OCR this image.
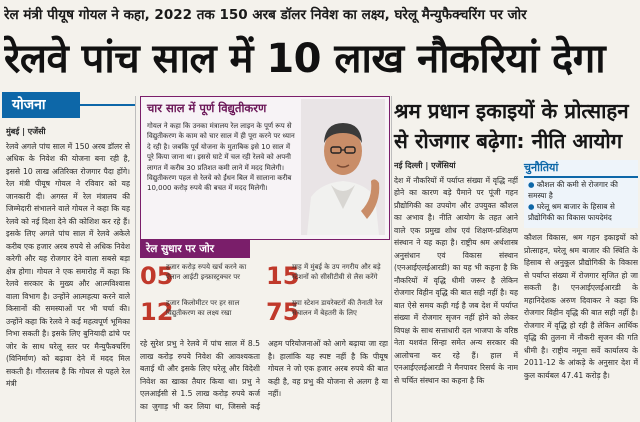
रेल मंत्री पीयूष गोयल ने कहा, 2022 तक 150 अरब डॉलर निवेश का लक्ष्य, घरेलू मैन्युफैक्चरिंग पर जोर
रेलवे पांच साल में 10 लाख नौकरियां देगा
योजना
मुंबई | एजेंसी
रेलवे अगले पांच साल में 150 अरब डॉलर से अधिक के निवेश की योजना बना रही है, इससे 10 लाख अतिरिक्त रोजगार पैदा होंगे। रेल मंत्री पीयूष गोयल ने रविवार को यह जानकारी दी। अगस्त में रेल मंत्रालय की जिम्मेदारी संभालने वाले गोयल ने कहा कि यह रेलवे को नई दिशा देने की कोशिश कर रहे हैं। इसके लिए अगले पांच साल में रेलवे अकेले करीब एक हजार अरब रुपये से अधिक निवेश करेगी और यह रोजगार देने वाला सबसे बड़ा क्षेत्र होगा। गोयल ने एक समारोह में कहा कि रेलवे सरकार के मुख्य और आत्मविश्वास वाला विभाग है। उन्होंने आत्महत्या करने वाले किसानों की समस्याओं पर भी चर्चा की। उन्होंने कहा कि रेलवे ने कई महत्वपूर्ण भूमिका निभा सकती है। इसके लिए बुनियादी ढांचे पर जोर के साथ घरेलू स्तर पर मैन्युफैक्चरिंग (विनिर्माण) को बढ़ावा देने में मदद मिल सकती है। गौरतलब है कि गोयल से पहले रेल मंत्री
चार साल में पूर्ण विद्युतीकरण
गोयल ने कहा कि उनका मंत्रालय रेल लाइन के पूर्ण रूप से विद्युतीकरण के काम को चार साल में ही पूरा करने पर ध्यान दे रही है। जबकि पूर्व योजना के मुताबिक इसे 10 साल में पूरे किया जाना था। इससे घाटे में चल रही रेलवे को अपनी लागत में करीब 30 प्रतिशत कमी लाने में मदद मिलेगी। विद्युतीकरण पहल से रेलवे को ईंधन बिल में सालाना करीब 10,000 करोड़ रुपये की बचत में मदद मिलेगी।
रेल सुधार पर जोर
05
हजार करोड़ रुपये खर्च करने का ऐलान आईटी इन्फ्रास्ट्रक्चर पर	15
माह में मुंबई के उप नगरीय और बड़े स्टेशनों को सीसीटीवी से लैस करेंगे
12
हजार किलोमीटर पर हर साल विद्युतीकरण का लक्ष्य रखा	75
युवा स्टेशन डायरेक्टरों की तैनाती रेल संचालन में बेहतरी के लिए
रहे सुरेश प्रभु ने रेलवे में पांच साल में 8.5 लाख करोड़ रुपये निवेश की आवश्यकता बताई थी और इसके लिए घरेलू और विदेशी निवेश का खाका तैयार किया था। प्रभु ने एलआईसी से 1.5 लाख करोड़ रुपये कर्ज का जुगाड़ भी कर लिया था, जिससे कई अहम परियोजनाओं को आगे बढ़ाया जा रहा है। हालांकि यह स्पष्ट नहीं है कि पीयूष गोयल ने जो एक हजार अरब रुपये की बात कही है, वह प्रभु की योजना से अलग है या नहीं।
श्रम प्रधान इकाइयों के प्रोत्साहन से रोजगार बढ़ेगा: नीति आयोग
नई दिल्ली | एजेंसियां
देश में नौकरियों में पर्याप्त संख्या में वृद्धि नहीं होने का कारण बड़े पैमाने पर पूंजी गहन प्रौद्योगिकी का उपयोग और उपयुक्त कौशल का अभाव है। नीति आयोग के तहत आने वाले एक प्रमुख शोध एवं शिक्षण-प्रशिक्षण संस्थान ने यह कहा है। राष्ट्रीय श्रम अर्थशास्त्र अनुसंधान एवं विकास संस्थान (एनआईएलईआरडी) का यह भी कहना है कि नौकरियों में वृद्धि धीमी जरूर है लेकिन रोजगार विहीन वृद्धि की बात सही नहीं है। यह बात ऐसे समय कही गई है जब देश में पर्याप्त संख्या में रोजगार सृजन नहीं होने को लेकर विपक्ष के साथ सत्ताधारी दल भाजपा के वरिष्ठ नेता यशवंत सिन्हा समेत अन्य सरकार की आलोचना कर रहे हैं। हाल में एनआईएलईआरडी ने मैनपावर रिसर्च के नाम से चर्चित संस्थान का कहना है कि
चुनौतियां
● कौशल की कमी से रोजगार की समस्या है
● घरेलू श्रम बाजार के हिसाब से प्रौद्योगिकी का विकास फायदेमंद
कौशल विकास, श्रम गहन इकाइयों को प्रोत्साहन, घरेलू श्रम बाजार की स्थिति के हिसाब से अनुकूल प्रौद्योगिकी के विकास से पर्याप्त संख्या में रोजगार सृजित हो जा सकती है। एनआईएलईआरडी के महानिदेशक अरुण दिवाकर ने कहा कि रोजगार विहीन वृद्धि की बात सही नहीं है। रोजगार में वृद्धि हो रही है लेकिन आर्थिक वृद्धि की तुलना में नौकरी सृजन की गति धीमी है। राष्ट्रीय नमूना सर्वे कार्यालय के 2011-12 के आंकड़े के अनुसार देश में कुल कार्यबल 47.41 करोड़ है।
